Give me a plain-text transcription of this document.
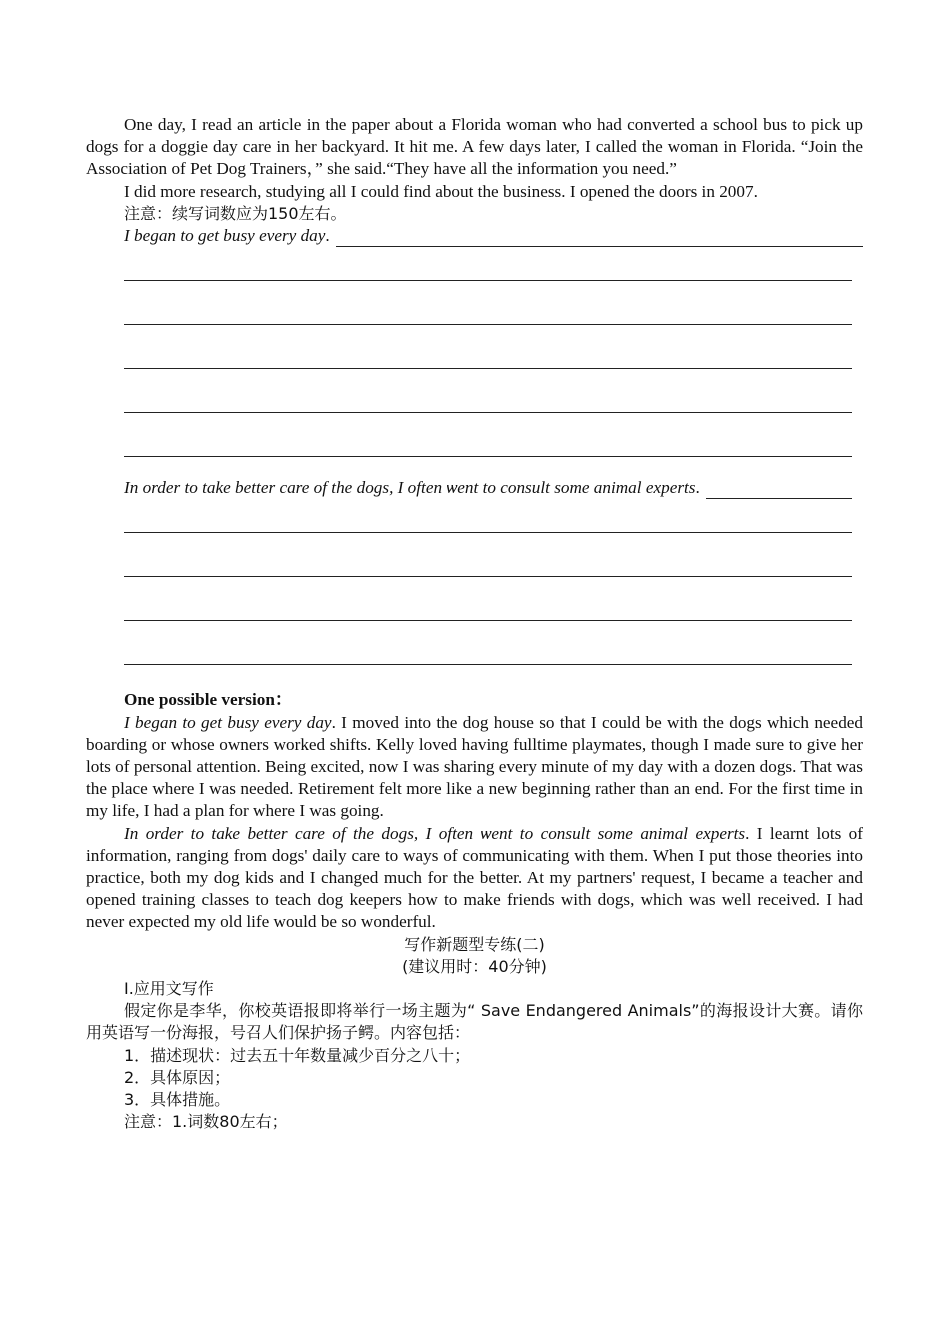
One day, I read an article in the paper about a Florida woman who had converted a school bus to pick up dogs for a doggie day care in her backyard. It hit me. A few days later, I called the woman in Florida. “Join the Association of Pet Dog Trainers，” she said.“They have all the information you need.”

I did more research, studying all I could find about the business. I opened the doors in 2007.

注意：续写词数应为150左右。

I began to get busy eνery day .
In order to take better care of the dogs, I often ѡent to consult some animal experts .

One possible version：

I began to get busy eνery day. I moved into the dog house so that I could be with the dogs which needed boarding or whose owners worked shifts. Kelly loved having fulltime playmates, though I made sure to give her lots of personal attention. Being excited, now I was sharing every minute of my day with a dozen dogs. That was the place where I was needed. Retirement felt more like a new beginning rather than an end. For the first time in my life, I had a plan for where I was going.

In order to take better care of the dogs, I often ѡent to consult some animal experts. I learnt lots of information, ranging from dogs' daily care to ways of communicating with them. When I put those theories into practice, both my dog kids and I changed much for the better. At my partners' request, I became a teacher and opened training classes to teach dog keepers how to make friends with dogs, which was well received. I had never expected my old life would be so wonderful.

写作新题型专练(二)

(建议用时：40分钟)

Ⅰ.应用文写作

假定你是李华，你校英语报即将举行一场主题为“ Save Endangered Animals”的海报设计大赛。请你用英语写一份海报，号召人们保护扬子鳄。内容包括：

1．描述现状：过去五十年数量减少百分之八十；

2．具体原因；

3．具体措施。

注意：1.词数80左右；
